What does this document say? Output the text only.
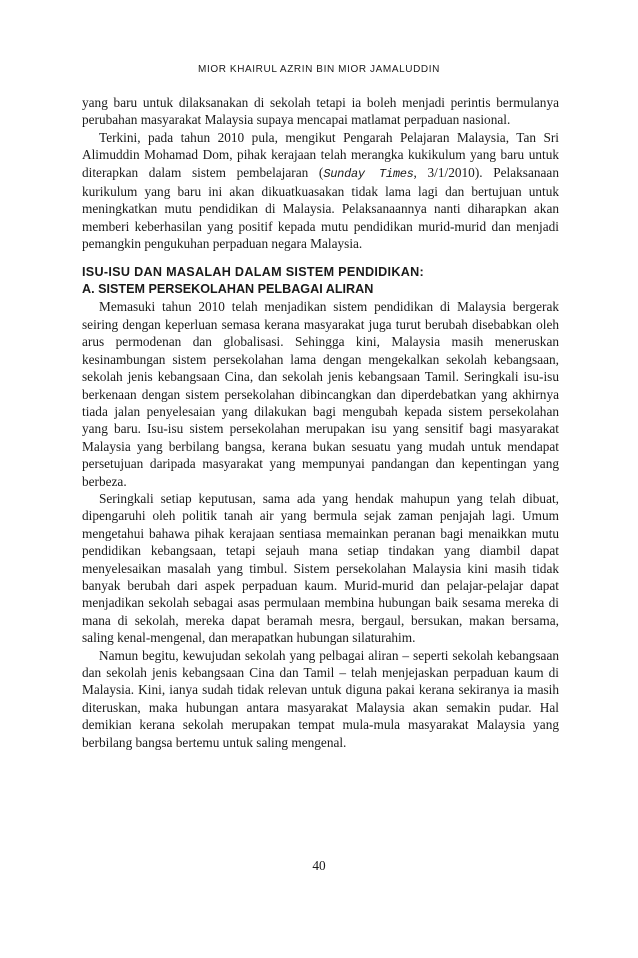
MIOR KHAIRUL AZRIN BIN MIOR JAMALUDDIN

yang baru untuk dilaksanakan di sekolah tetapi ia boleh menjadi perintis bermulanya perubahan masyarakat Malaysia supaya mencapai matlamat perpaduan nasional.

Terkini, pada tahun 2010 pula, mengikut Pengarah Pelajaran Malaysia, Tan Sri Alimuddin Mohamad Dom, pihak kerajaan telah merangka kukikulum yang baru untuk diterapkan dalam sistem pembelajaran (Sunday Times, 3/1/2010). Pelaksanaan kurikulum yang baru ini akan dikuatkuasakan tidak lama lagi dan bertujuan untuk meningkatkan mutu pendidikan di Malaysia. Pelaksanaannya nanti diharapkan akan memberi keberhasilan yang positif kepada mutu pendidikan murid-murid dan menjadi pemangkin pengukuhan perpaduan negara Malaysia.

ISU-ISU DAN MASALAH DALAM SISTEM PENDIDIKAN:

A. SISTEM PERSEKOLAHAN PELBAGAI ALIRAN

Memasuki tahun 2010 telah menjadikan sistem pendidikan di Malaysia bergerak seiring dengan keperluan semasa kerana masyarakat juga turut berubah disebabkan oleh arus permodenan dan globalisasi. Sehingga kini, Malaysia masih meneruskan kesinambungan sistem persekolahan lama dengan mengekalkan sekolah kebangsaan, sekolah jenis kebangsaan Cina, dan sekolah jenis kebangsaan Tamil. Seringkali isu-isu berkenaan dengan sistem persekolahan dibincangkan dan diperdebatkan yang akhirnya tiada jalan penyelesaian yang dilakukan bagi mengubah kepada sistem persekolahan yang baru. Isu-isu sistem persekolahan merupakan isu yang sensitif bagi masyarakat Malaysia yang berbilang bangsa, kerana bukan sesuatu yang mudah untuk mendapat persetujuan daripada masyarakat yang mempunyai pandangan dan kepentingan yang berbeza.

Seringkali setiap keputusan, sama ada yang hendak mahupun yang telah dibuat, dipengaruhi oleh politik tanah air yang bermula sejak zaman penjajah lagi. Umum mengetahui bahawa pihak kerajaan sentiasa memainkan peranan bagi menaikkan mutu pendidikan kebangsaan, tetapi sejauh mana setiap tindakan yang diambil dapat menyelesaikan masalah yang timbul. Sistem persekolahan Malaysia kini masih tidak banyak berubah dari aspek perpaduan kaum. Murid-murid dan pelajar-pelajar dapat menjadikan sekolah sebagai asas permulaan membina hubungan baik sesama mereka di mana di sekolah, mereka dapat beramah mesra, bergaul, bersukan, makan bersama, saling kenal-mengenal, dan merapatkan hubungan silaturahim.

Namun begitu, kewujudan sekolah yang pelbagai aliran – seperti sekolah kebangsaan dan sekolah jenis kebangsaan Cina dan Tamil – telah menjejaskan perpaduan kaum di Malaysia. Kini, ianya sudah tidak relevan untuk diguna pakai kerana sekiranya ia masih diteruskan, maka hubungan antara masyarakat Malaysia akan semakin pudar. Hal demikian kerana sekolah merupakan tempat mula-mula masyarakat Malaysia yang berbilang bangsa bertemu untuk saling mengenal.

40
